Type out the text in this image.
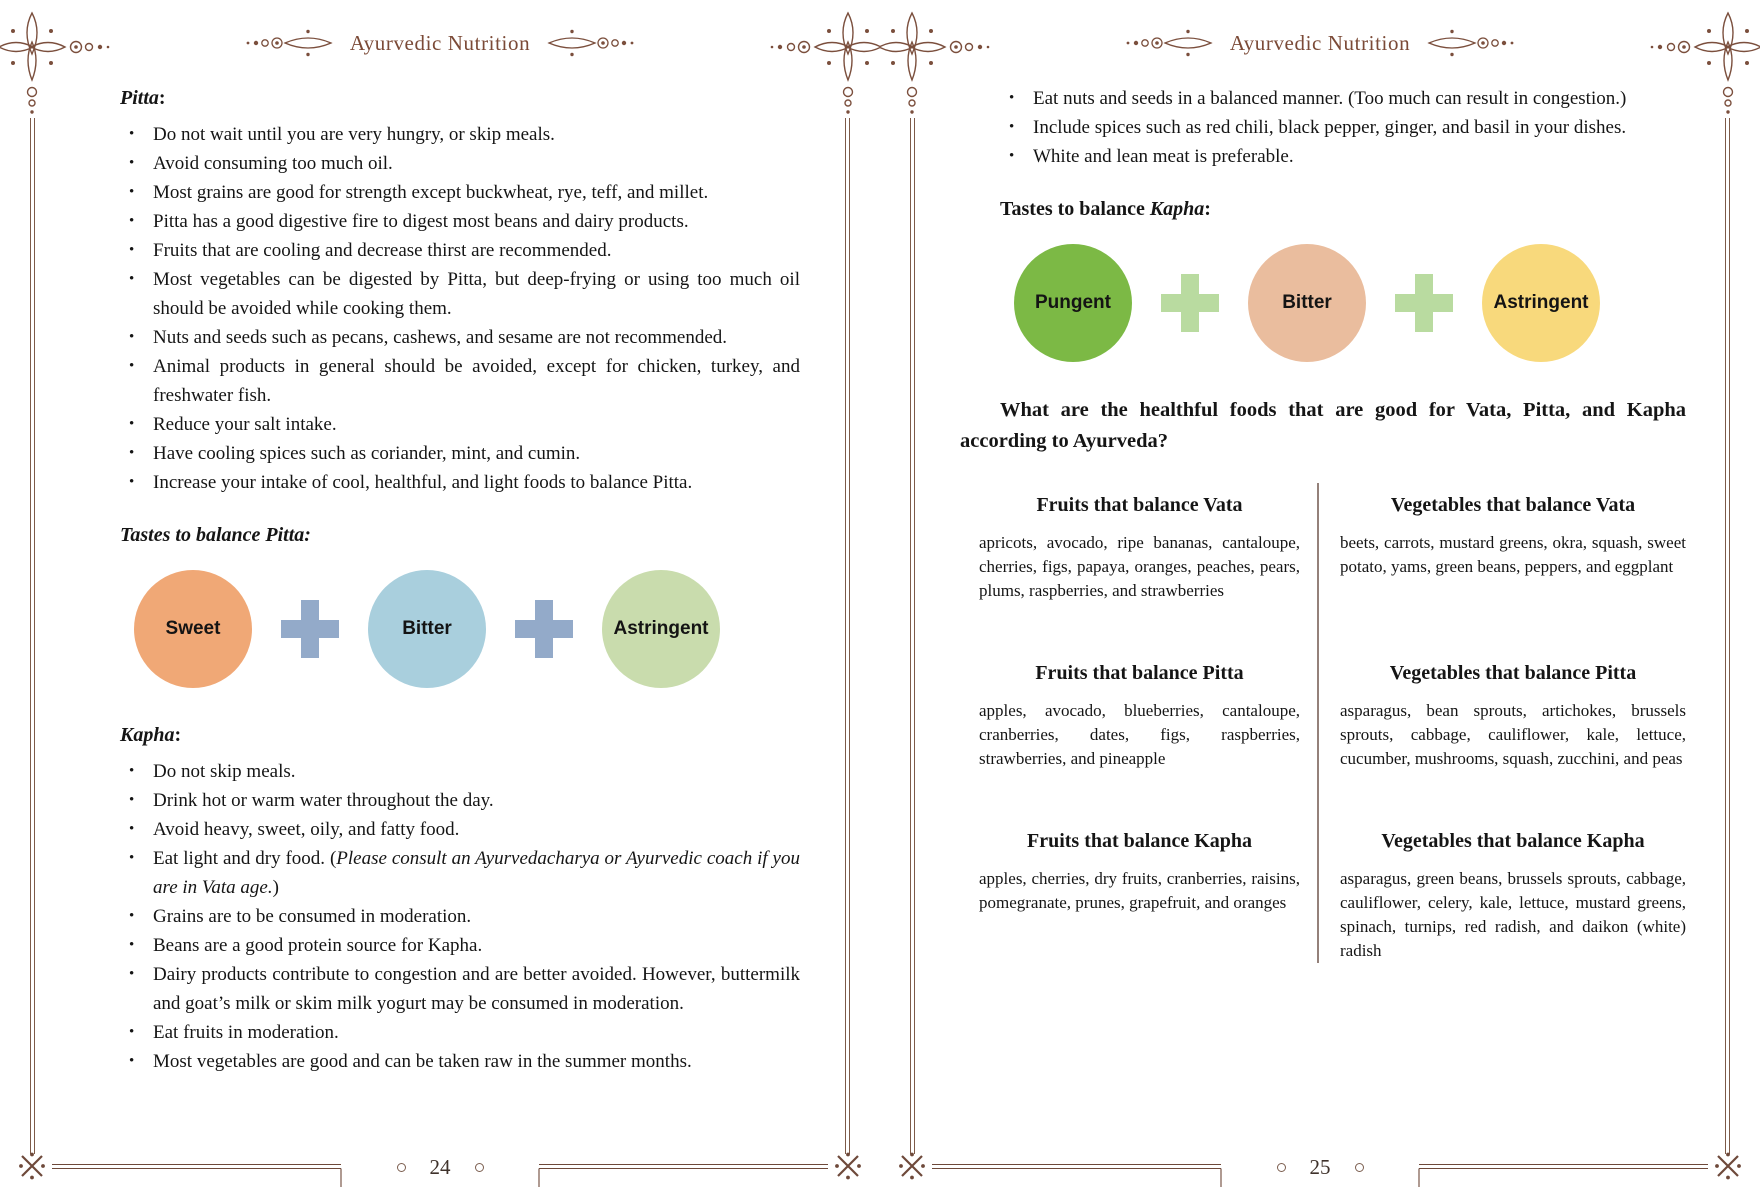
Ayurvedic Nutrition
Pitta:
• Do not wait until you are very hungry, or skip meals.
• Avoid consuming too much oil.
• Most grains are good for strength except buckwheat, rye, teff, and millet.
• Pitta has a good digestive fire to digest most beans and dairy products.
• Fruits that are cooling and decrease thirst are recommended.
• Most vegetables can be digested by Pitta, but deep-frying or using too much oil should be avoided while cooking them.
• Nuts and seeds such as pecans, cashews, and sesame are not recommended.
• Animal products in general should be avoided, except for chicken, turkey, and freshwater fish.
• Reduce your salt intake.
• Have cooling spices such as coriander, mint, and cumin.
• Increase your intake of cool, healthful, and light foods to balance Pitta.
Tastes to balance Pitta:
Sweet	Bitter	Astringent
Kapha:
• Do not skip meals.
• Drink hot or warm water throughout the day.
• Avoid heavy, sweet, oily, and fatty food.
• Eat light and dry food. (Please consult an Ayurvedacharya or Ayurvedic coach if you are in Vata age.)
• Grains are to be consumed in moderation.
• Beans are a good protein source for Kapha.
• Dairy products contribute to congestion and are better avoided. However, buttermilk and goat’s milk or skim milk yogurt may be consumed in moderation.
• Eat fruits in moderation.
• Most vegetables are good and can be taken raw in the summer months.
24
Ayurvedic Nutrition
• Eat nuts and seeds in a balanced manner. (Too much can result in congestion.)
• Include spices such as red chili, black pepper, ginger, and basil in your dishes.
• White and lean meat is preferable.
Tastes to balance Kapha:
Pungent	Bitter	Astringent

What are the healthful foods that are good for Vata, Pitta, and Kapha according to Ayurveda?

Fruits that balance Vata

apricots, avocado, ripe bananas, cantaloupe, cherries, figs, papaya, oranges, peaches, pears, plums, raspberries, and strawberries

Vegetables that balance Vata

beets, carrots, mustard greens, okra, squash, sweet potato, yams, green beans, peppers, and eggplant

Fruits that balance Pitta

apples, avocado, blueberries, cantaloupe, cranberries, dates, figs, raspberries, strawberries, and pineapple

Vegetables that balance Pitta

asparagus, bean sprouts, artichokes, brussels sprouts, cabbage, cauliflower, kale, lettuce, cucumber, mushrooms, squash, zucchini, and peas

Fruits that balance Kapha

apples, cherries, dry fruits, cranberries, raisins, pomegranate, prunes, grapefruit, and oranges

Vegetables that balance Kapha

asparagus, green beans, brussels sprouts, cabbage, cauliflower, celery, kale, lettuce, mustard greens, spinach, turnips, red radish, and daikon (white) radish

25
